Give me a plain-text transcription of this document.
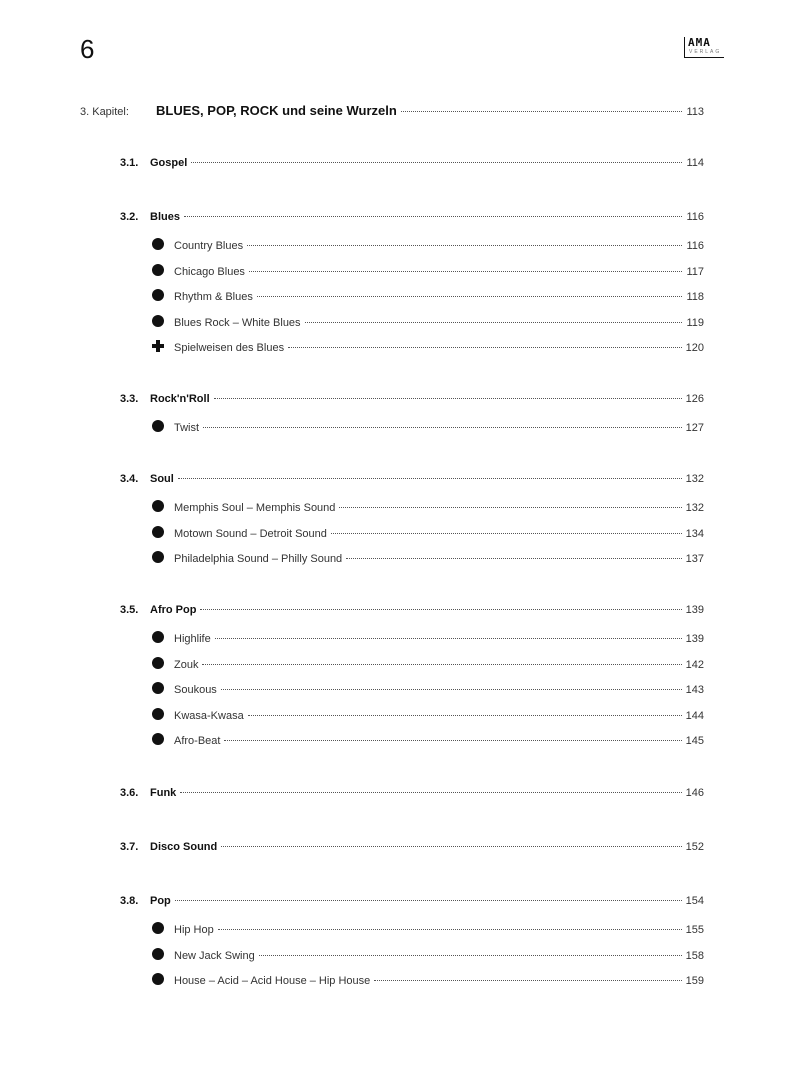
6	AMA
VERLAG
3. Kapitel:	BLUES, POP, ROCK und seine Wurzeln	113
3.1.	Gospel	114
3.2.	Blues	116
Country Blues	116
Chicago Blues	117
Rhythm & Blues	118
Blues Rock – White Blues	119
Spielweisen des Blues	120
3.3.	Rock'n'Roll	126
Twist	127
3.4.	Soul	132
Memphis Soul – Memphis Sound	132
Motown Sound – Detroit Sound	134
Philadelphia Sound – Philly Sound	137
3.5.	Afro Pop	139
Highlife	139
Zouk	142
Soukous	143
Kwasa-Kwasa	144
Afro-Beat	145
3.6.	Funk	146
3.7.	Disco Sound	152
3.8.	Pop	154
Hip Hop	155
New Jack Swing	158
House – Acid – Acid House – Hip House	159
